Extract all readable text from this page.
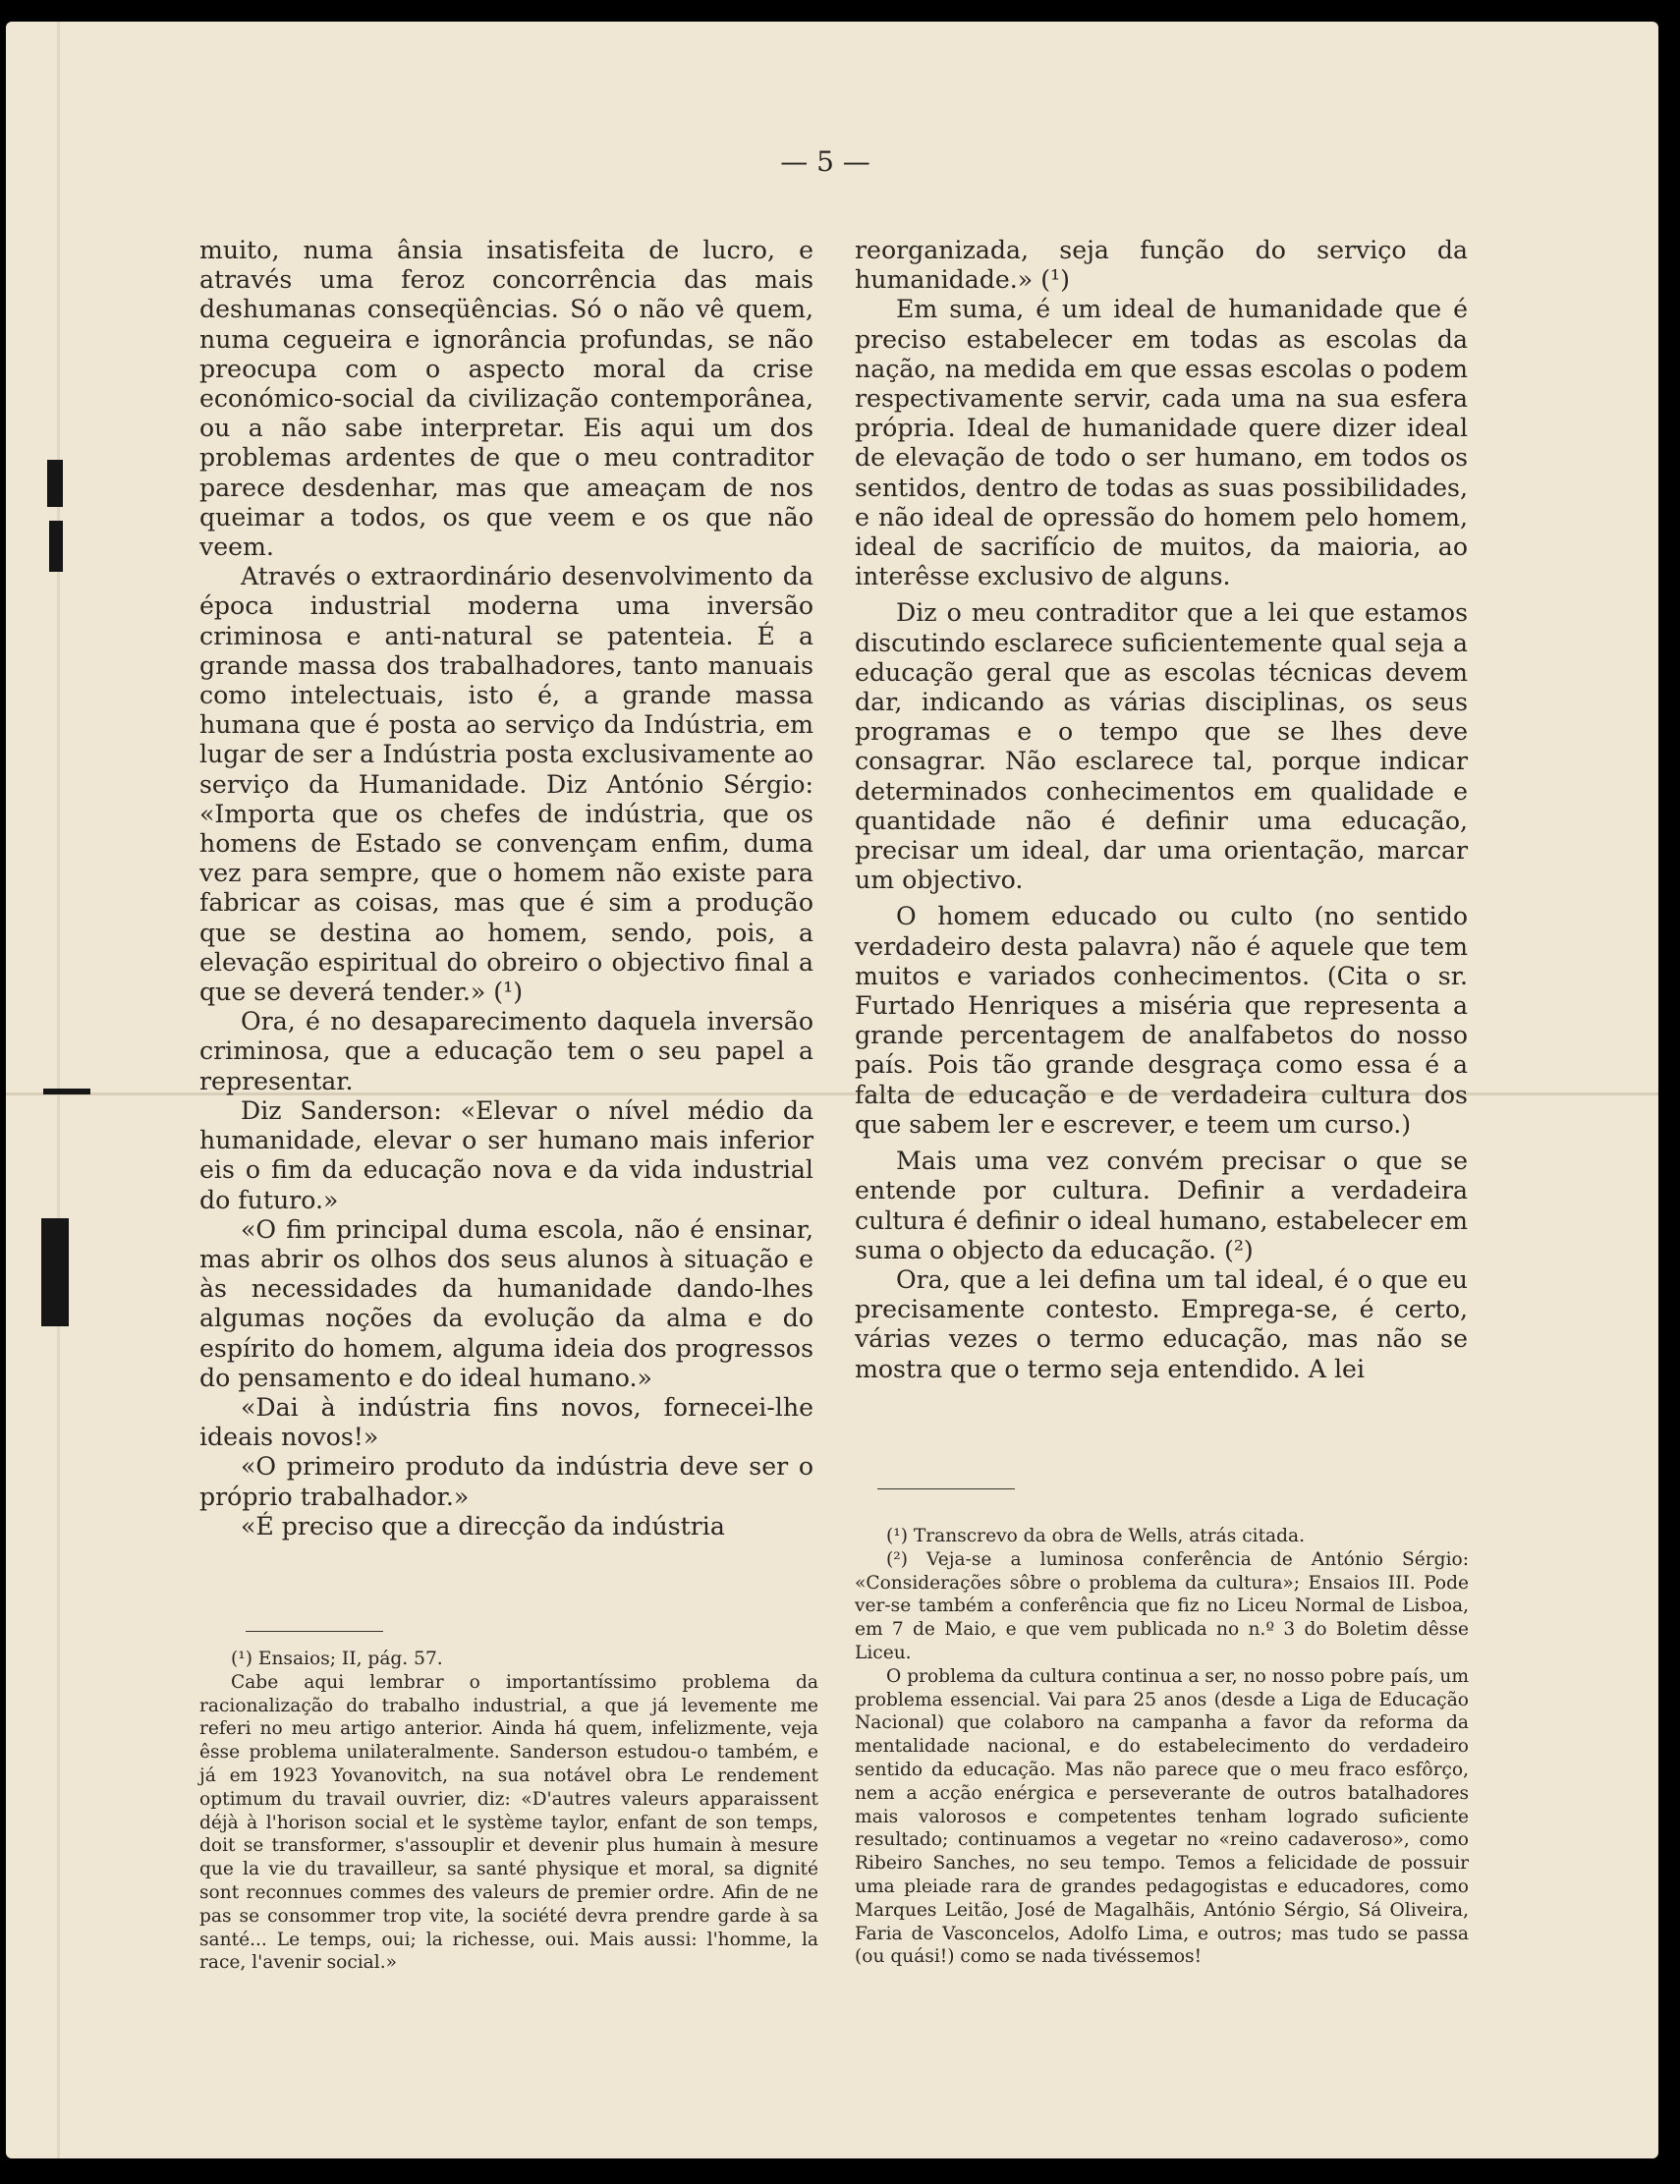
— 5 —

muito, numa ânsia insatisfeita de lucro, e através uma feroz concorrência das mais deshumanas conseqüências. Só o não vê quem, numa cegueira e ignorância profundas, se não preocupa com o aspecto moral da crise económico-social da civilização contemporânea, ou a não sabe interpretar. Eis aqui um dos problemas ardentes de que o meu contraditor parece desdenhar, mas que ameaçam de nos queimar a todos, os que veem e os que não veem.

Através o extraordinário desenvolvimento da época industrial moderna uma inversão criminosa e anti-natural se patenteia. É a grande massa dos trabalhadores, tanto manuais como intelectuais, isto é, a grande massa humana que é posta ao serviço da Indústria, em lugar de ser a Indústria posta exclusivamente ao serviço da Humanidade. Diz António Sérgio: «Importa que os chefes de indústria, que os homens de Estado se convençam enfim, duma vez para sempre, que o homem não existe para fabricar as coisas, mas que é sim a produção que se destina ao homem, sendo, pois, a elevação espiritual do obreiro o objectivo final a que se deverá tender.» (¹)

Ora, é no desaparecimento daquela inversão criminosa, que a educação tem o seu papel a representar.

Diz Sanderson: «Elevar o nível médio da humanidade, elevar o ser humano mais inferior eis o fim da educação nova e da vida industrial do futuro.»

«O fim principal duma escola, não é ensinar, mas abrir os olhos dos seus alunos à situação e às necessidades da humanidade dando-lhes algumas noções da evolução da alma e do espírito do homem, alguma ideia dos progressos do pensamento e do ideal humano.»

«Dai à indústria fins novos, fornecei-lhe ideais novos!»

«O primeiro produto da indústria deve ser o próprio trabalhador.»

«É preciso que a direcção da indústria

reorganizada, seja função do serviço da humanidade.» (¹)

Em suma, é um ideal de humanidade que é preciso estabelecer em todas as escolas da nação, na medida em que essas escolas o podem respectivamente servir, cada uma na sua esfera própria. Ideal de humanidade quere dizer ideal de elevação de todo o ser humano, em todos os sentidos, dentro de todas as suas possibilidades, e não ideal de opressão do homem pelo homem, ideal de sacrifício de muitos, da maioria, ao interêsse exclusivo de alguns.

Diz o meu contraditor que a lei que estamos discutindo esclarece suficientemente qual seja a educação geral que as escolas técnicas devem dar, indicando as várias disciplinas, os seus programas e o tempo que se lhes deve consagrar. Não esclarece tal, porque indicar determinados conhecimentos em qualidade e quantidade não é definir uma educação, precisar um ideal, dar uma orientação, marcar um objectivo.

O homem educado ou culto (no sentido verdadeiro desta palavra) não é aquele que tem muitos e variados conhecimentos. (Cita o sr. Furtado Henriques a miséria que representa a grande percentagem de analfabetos do nosso país. Pois tão grande desgraça como essa é a falta de educação e de verdadeira cultura dos que sabem ler e escrever, e teem um curso.)

Mais uma vez convém precisar o que se entende por cultura. Definir a verdadeira cultura é definir o ideal humano, estabelecer em suma o objecto da educação. (²)

Ora, que a lei defina um tal ideal, é o que eu precisamente contesto. Emprega-se, é certo, várias vezes o termo educação, mas não se mostra que o termo seja entendido. A lei

(¹) Ensaios; II, pág. 57.

Cabe aqui lembrar o importantíssimo problema da racionalização do trabalho industrial, a que já levemente me referi no meu artigo anterior. Ainda há quem, infelizmente, veja êsse problema unilateralmente. Sanderson estudou-o também, e já em 1923 Yovanovitch, na sua notável obra Le rendement optimum du travail ouvrier, diz: «D'autres valeurs apparaissent déjà à l'horison social et le système taylor, enfant de son temps, doit se transformer, s'assouplir et devenir plus humain à mesure que la vie du travailleur, sa santé physique et moral, sa dignité sont reconnues commes des valeurs de premier ordre. Afin de ne pas se consommer trop vite, la société devra prendre garde à sa santé... Le temps, oui; la richesse, oui. Mais aussi: l'homme, la race, l'avenir social.»

(¹) Transcrevo da obra de Wells, atrás citada.

(²) Veja-se a luminosa conferência de António Sérgio: «Considerações sôbre o problema da cultura»; Ensaios III. Pode ver-se também a conferência que fiz no Liceu Normal de Lisboa, em 7 de Maio, e que vem publicada no n.º 3 do Boletim dêsse Liceu.

O problema da cultura continua a ser, no nosso pobre país, um problema essencial. Vai para 25 anos (desde a Liga de Educação Nacional) que colaboro na campanha a favor da reforma da mentalidade nacional, e do estabelecimento do verdadeiro sentido da educação. Mas não parece que o meu fraco esfôrço, nem a acção enérgica e perseverante de outros batalhadores mais valorosos e competentes tenham logrado suficiente resultado; continuamos a vegetar no «reino cadaveroso», como Ribeiro Sanches, no seu tempo. Temos a felicidade de possuir uma pleiade rara de grandes pedagogistas e educadores, como Marques Leitão, José de Magalhãis, António Sérgio, Sá Oliveira, Faria de Vasconcelos, Adolfo Lima, e outros; mas tudo se passa (ou quási!) como se nada tivéssemos!
